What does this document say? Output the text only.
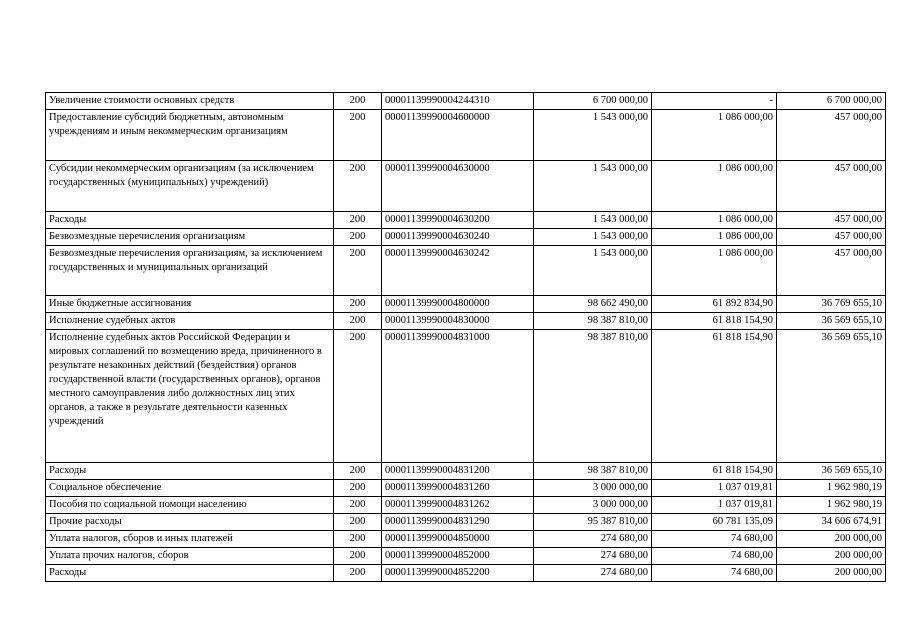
Увеличение стоимости основных средств	200	00001139990004244310	6 700 000,00	-	6 700 000,00
Предоставление субсидий бюджетным, автономным учреждениям и иным некоммерческим организациям	200	00001139990004600000	1 543 000,00	1 086 000,00	457 000,00
Субсидии некоммерческим организациям (за исключением государственных (муниципальных) учреждений)	200	00001139990004630000	1 543 000,00	1 086 000,00	457 000,00
Расходы	200	00001139990004630200	1 543 000,00	1 086 000,00	457 000,00
Безвозмездные перечисления организациям	200	00001139990004630240	1 543 000,00	1 086 000,00	457 000,00
Безвозмездные перечисления организациям, за исключением государственных и муниципальных организаций	200	00001139990004630242	1 543 000,00	1 086 000,00	457 000,00
Иные бюджетные ассигнования	200	00001139990004800000	98 662 490,00	61 892 834,90	36 769 655,10
Исполнение судебных актов	200	00001139990004830000	98 387 810,00	61 818 154,90	36 569 655,10
Исполнение судебных актов Российской Федерации и мировых соглашений по возмещению вреда, причиненного в результате незаконных действий (бездействия) органов государственной власти (государственных органов), органов местного самоуправления либо должностных лиц этих органов, а также в результате деятельности казенных учреждений	200	00001139990004831000	98 387 810,00	61 818 154,90	36 569 655,10
Расходы	200	00001139990004831200	98 387 810,00	61 818 154,90	36 569 655,10
Социальное обеспечение	200	00001139990004831260	3 000 000,00	1 037 019,81	1 962 980,19
Пособия по социальной помощи населению	200	00001139990004831262	3 000 000,00	1 037 019,81	1 962 980,19
Прочие расходы	200	00001139990004831290	95 387 810,00	60 781 135,09	34 606 674,91
Уплата налогов, сборов и иных платежей	200	00001139990004850000	274 680,00	74 680,00	200 000,00
Уплата прочих налогов, сборов	200	00001139990004852000	274 680,00	74 680,00	200 000,00
Расходы	200	00001139990004852200	274 680,00	74 680,00	200 000,00
